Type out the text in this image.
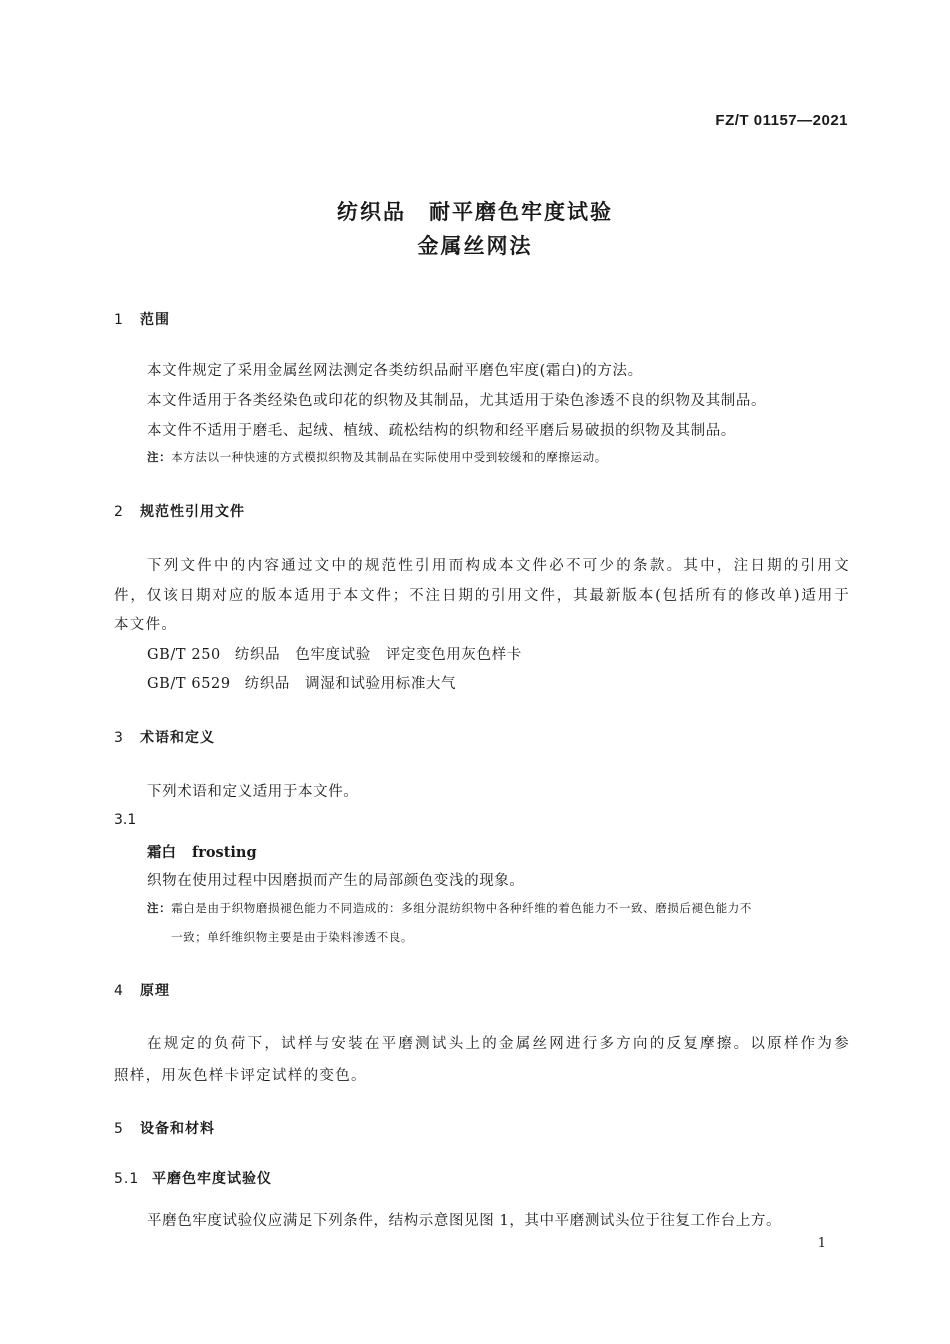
FZ/T 01157—2021
纺织品　耐平磨色牢度试验
金属丝网法
1 范围
本文件规定了采用金属丝网法测定各类纺织品耐平磨色牢度(霜白)的方法。
本文件适用于各类经染色或印花的织物及其制品，尤其适用于染色渗透不良的织物及其制品。
本文件不适用于磨毛、起绒、植绒、疏松结构的织物和经平磨后易破损的织物及其制品。
注：本方法以一种快速的方式模拟织物及其制品在实际使用中受到较缓和的摩擦运动。
2 规范性引用文件
下列文件中的内容通过文中的规范性引用而构成本文件必不可少的条款。其中，注日期的引用文
件，仅该日期对应的版本适用于本文件；不注日期的引用文件，其最新版本(包括所有的修改单)适用于
本文件。
GB/T 250 纺织品　色牢度试验　评定变色用灰色样卡
GB/T 6529 纺织品　调湿和试验用标准大气
3 术语和定义
下列术语和定义适用于本文件。
3.1
霜白 frosting
织物在使用过程中因磨损而产生的局部颜色变浅的现象。
注：霜白是由于织物磨损褪色能力不同造成的：多组分混纺织物中各种纤维的着色能力不一致、磨损后褪色能力不
一致；单纤维织物主要是由于染料渗透不良。
4 原理
在规定的负荷下，试样与安装在平磨测试头上的金属丝网进行多方向的反复摩擦。以原样作为参
照样，用灰色样卡评定试样的变色。
5 设备和材料
5.1 平磨色牢度试验仪
平磨色牢度试验仪应满足下列条件，结构示意图见图 1，其中平磨测试头位于往复工作台上方。
1
